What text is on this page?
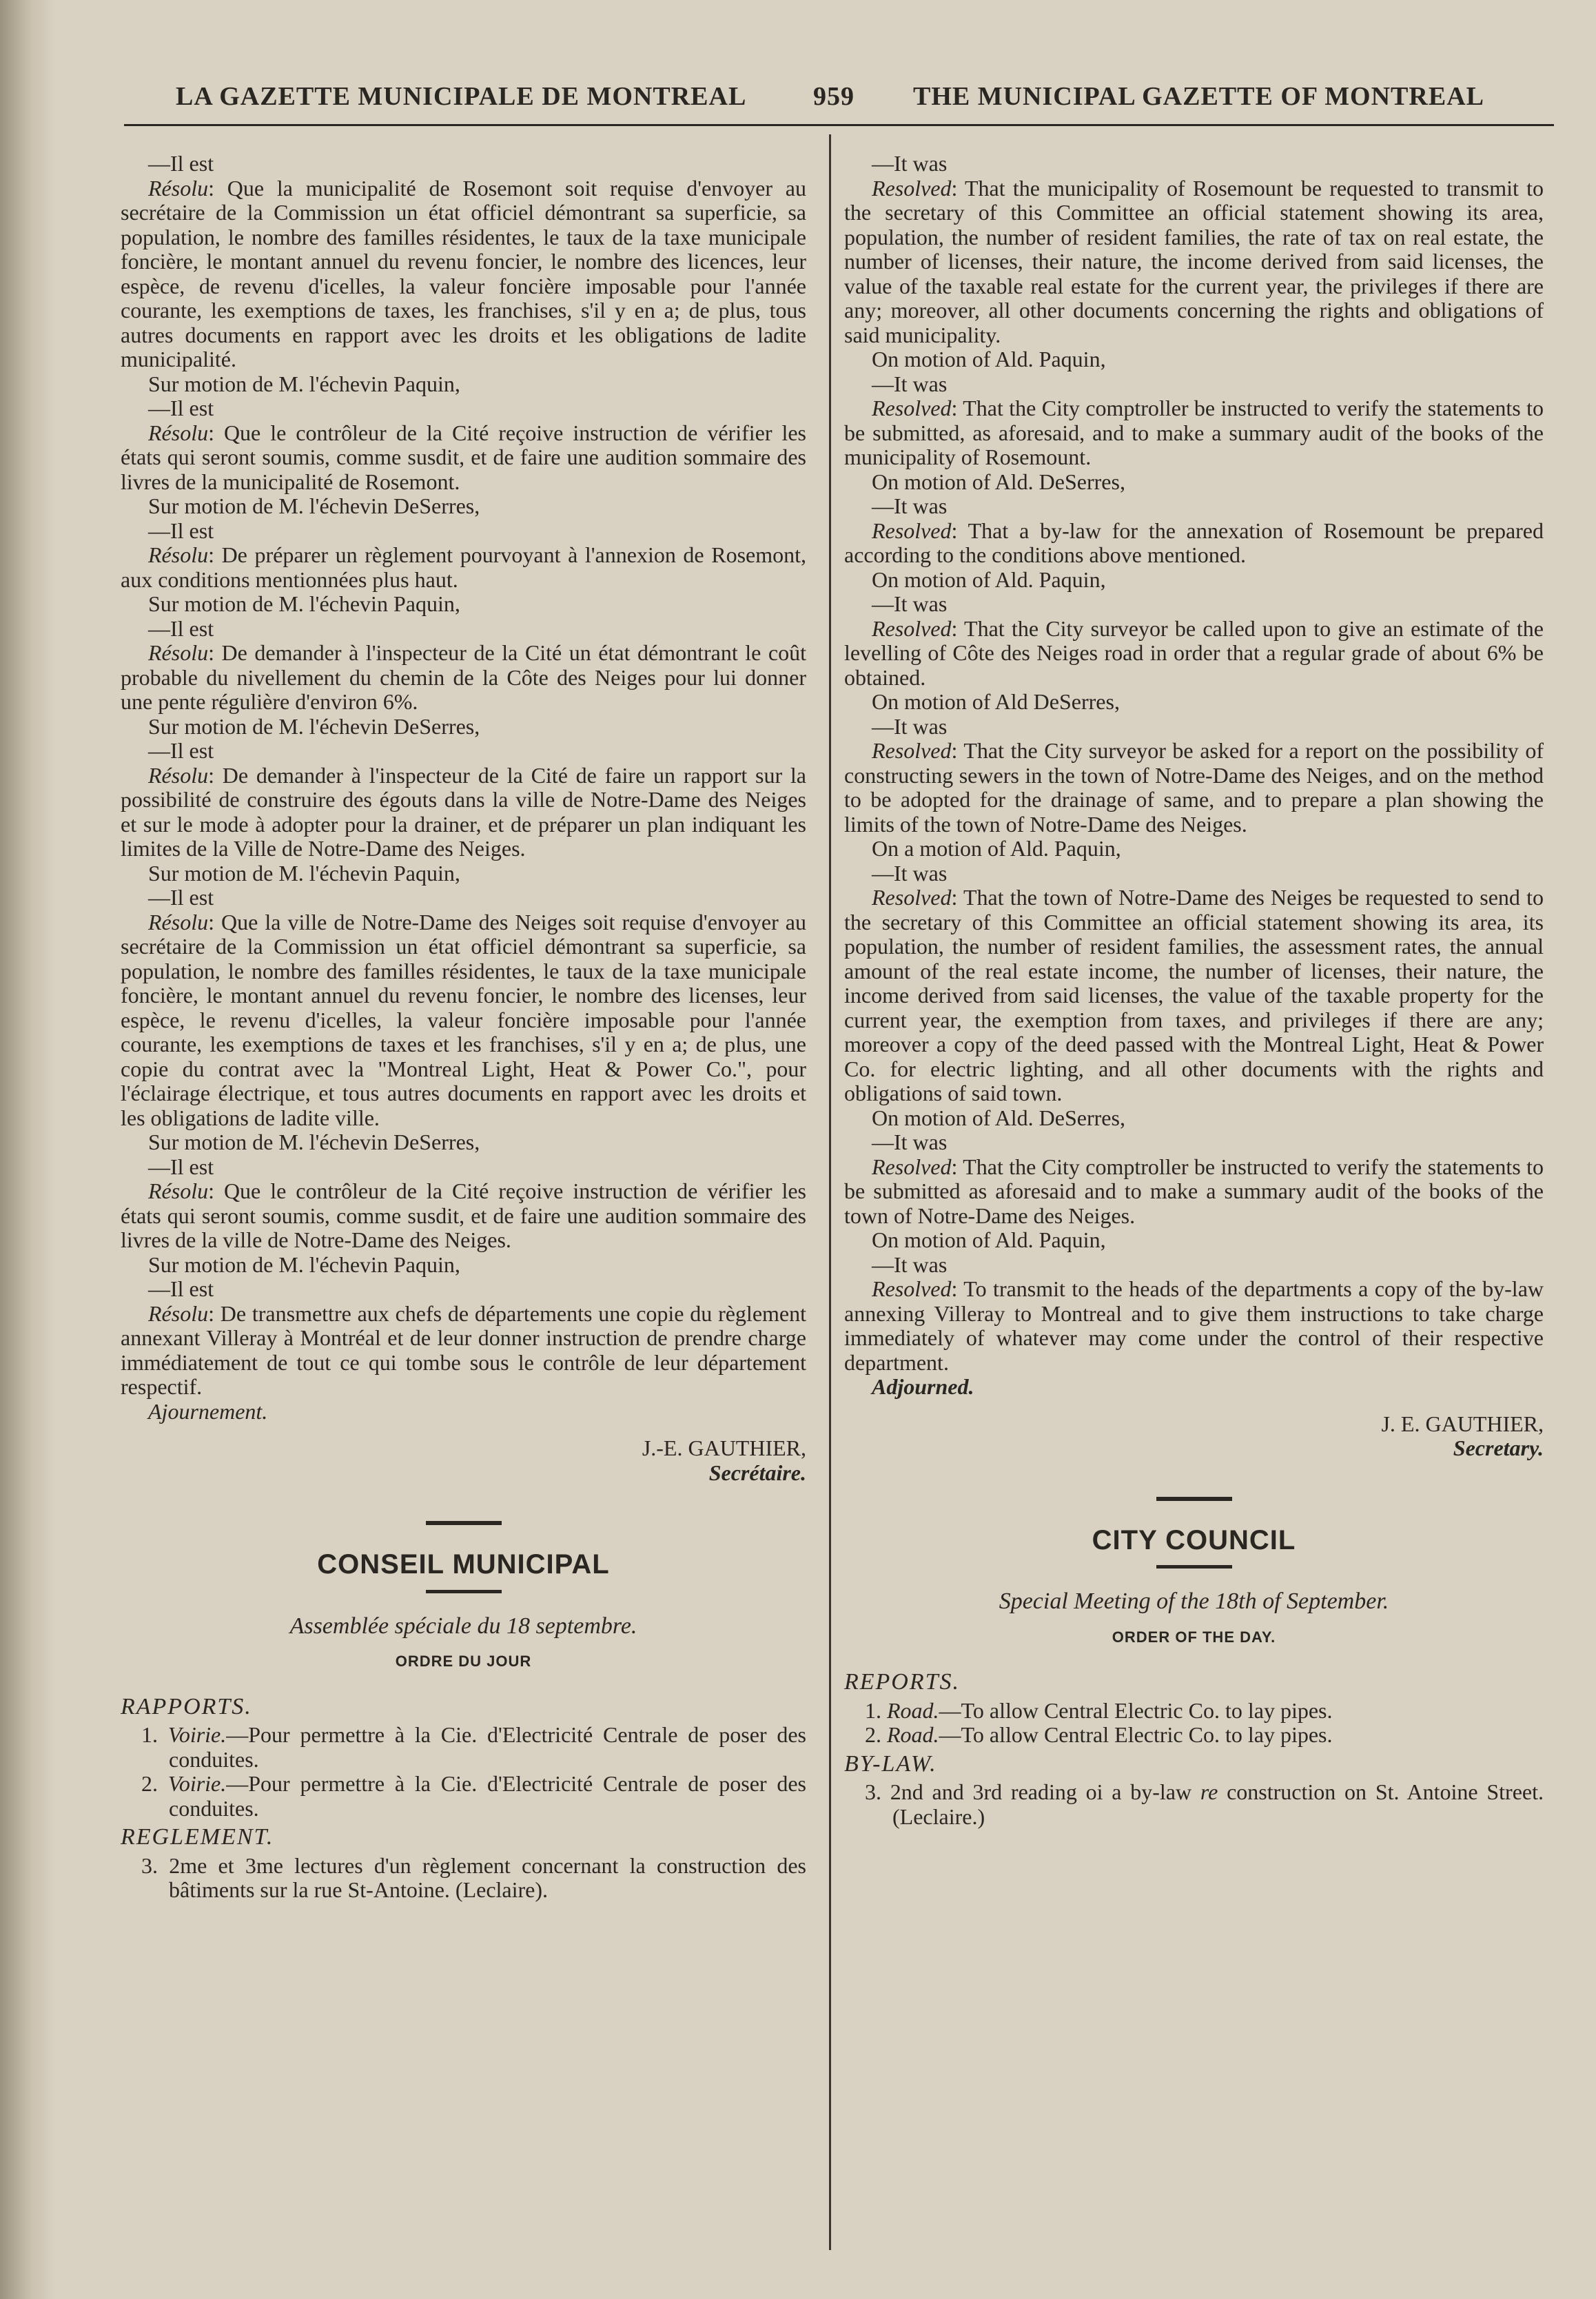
LA GAZETTE MUNICIPALE DE MONTREAL	959 THE MUNICIPAL GAZETTE OF MONTREAL

—Il est

Résolu: Que la municipalité de Rosemont soit requise d'envoyer au secrétaire de la Commission un état officiel démontrant sa superficie, sa population, le nombre des familles résidentes, le taux de la taxe municipale foncière, le montant annuel du revenu foncier, le nombre des licences, leur espèce, de revenu d'icelles, la valeur foncière imposable pour l'année courante, les exemptions de taxes, les franchises, s'il y en a; de plus, tous autres documents en rapport avec les droits et les obligations de ladite municipalité.

Sur motion de M. l'échevin Paquin,

—Il est

Résolu: Que le contrôleur de la Cité reçoive instruction de vérifier les états qui seront soumis, comme susdit, et de faire une audition sommaire des livres de la municipalité de Rosemont.

Sur motion de M. l'échevin DeSerres,

—Il est

Résolu: De préparer un règlement pourvoyant à l'annexion de Rosemont, aux conditions mentionnées plus haut.

Sur motion de M. l'échevin Paquin,

—Il est

Résolu: De demander à l'inspecteur de la Cité un état démontrant le coût probable du nivellement du chemin de la Côte des Neiges pour lui donner une pente régulière d'environ 6%.

Sur motion de M. l'échevin DeSerres,

—Il est

Résolu: De demander à l'inspecteur de la Cité de faire un rapport sur la possibilité de construire des égouts dans la ville de Notre-Dame des Neiges et sur le mode à adopter pour la drainer, et de préparer un plan indiquant les limites de la Ville de Notre-Dame des Neiges.

Sur motion de M. l'échevin Paquin,

—Il est

Résolu: Que la ville de Notre-Dame des Neiges soit requise d'envoyer au secrétaire de la Commission un état officiel démontrant sa superficie, sa population, le nombre des familles résidentes, le taux de la taxe municipale foncière, le montant annuel du revenu foncier, le nombre des licenses, leur espèce, le revenu d'icelles, la valeur foncière imposable pour l'année courante, les exemptions de taxes et les franchises, s'il y en a; de plus, une copie du contrat avec la "Montreal Light, Heat & Power Co.", pour l'éclairage électrique, et tous autres documents en rapport avec les droits et les obligations de ladite ville.

Sur motion de M. l'échevin DeSerres,

—Il est

Résolu: Que le contrôleur de la Cité reçoive instruction de vérifier les états qui seront soumis, comme susdit, et de faire une audition sommaire des livres de la ville de Notre-Dame des Neiges.

Sur motion de M. l'échevin Paquin,

—Il est

Résolu: De transmettre aux chefs de départements une copie du règlement annexant Villeray à Montréal et de leur donner instruction de prendre charge immédiatement de tout ce qui tombe sous le contrôle de leur département respectif.

Ajournement.

J.-E. GAUTHIER,
Secrétaire.
CONSEIL MUNICIPAL
Assemblée spéciale du 18 septembre.
ORDRE DU JOUR
RAPPORTS.

1. Voirie.—Pour permettre à la Cie. d'Electricité Centrale de poser des conduites.

2. Voirie.—Pour permettre à la Cie. d'Electricité Centrale de poser des conduites.

REGLEMENT.

3. 2me et 3me lectures d'un règlement concernant la construction des bâtiments sur la rue St-Antoine. (Leclaire).

—It was

Resolved: That the municipality of Rosemount be requested to transmit to the secretary of this Committee an official statement showing its area, population, the number of resident families, the rate of tax on real estate, the number of licenses, their nature, the income derived from said licenses, the value of the taxable real estate for the current year, the privileges if there are any; moreover, all other documents concerning the rights and obligations of said municipality.

On motion of Ald. Paquin,

—It was

Resolved: That the City comptroller be instructed to verify the statements to be submitted, as aforesaid, and to make a summary audit of the books of the municipality of Rosemount.

On motion of Ald. DeSerres,

—It was

Resolved: That a by-law for the annexation of Rosemount be prepared according to the conditions above mentioned.

On motion of Ald. Paquin,

—It was

Resolved: That the City surveyor be called upon to give an estimate of the levelling of Côte des Neiges road in order that a regular grade of about 6% be obtained.

On motion of Ald DeSerres,

—It was

Resolved: That the City surveyor be asked for a report on the possibility of constructing sewers in the town of Notre-Dame des Neiges, and on the method to be adopted for the drainage of same, and to prepare a plan showing the limits of the town of Notre-Dame des Neiges.

On a motion of Ald. Paquin,

—It was

Resolved: That the town of Notre-Dame des Neiges be requested to send to the secretary of this Committee an official statement showing its area, its population, the number of resident families, the assessment rates, the annual amount of the real estate income, the number of licenses, their nature, the income derived from said licenses, the value of the taxable property for the current year, the exemption from taxes, and privileges if there are any; moreover a copy of the deed passed with the Montreal Light, Heat & Power Co. for electric lighting, and all other documents with the rights and obligations of said town.

On motion of Ald. DeSerres,

—It was

Resolved: That the City comptroller be instructed to verify the statements to be submitted as aforesaid and to make a summary audit of the books of the town of Notre-Dame des Neiges.

On motion of Ald. Paquin,

—It was

Resolved: To transmit to the heads of the departments a copy of the by-law annexing Villeray to Montreal and to give them instructions to take charge immediately of whatever may come under the control of their respective department.

Adjourned.

J. E. GAUTHIER,
Secretary.
CITY COUNCIL
Special Meeting of the 18th of September.
ORDER OF THE DAY.
REPORTS.

1. Road.—To allow Central Electric Co. to lay pipes.

2. Road.—To allow Central Electric Co. to lay pipes.

BY-LAW.

3. 2nd and 3rd reading oi a by-law re construction on St. Antoine Street. (Leclaire.)
